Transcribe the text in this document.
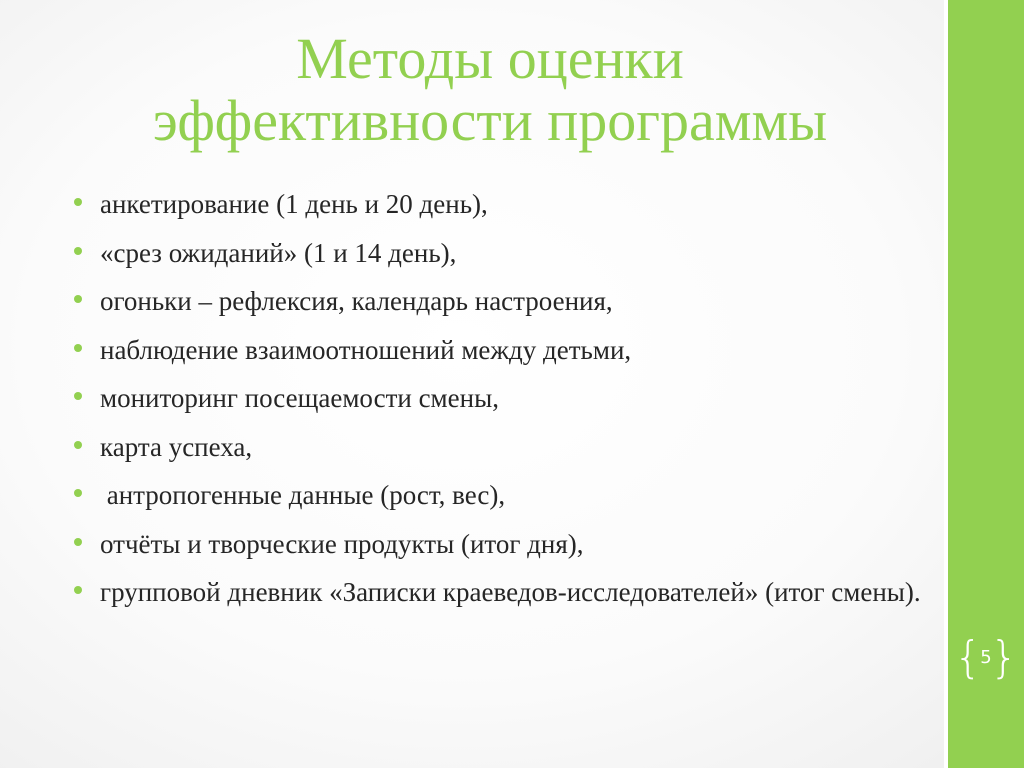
Методы оценки
эффективности программы
анкетирование (1 день и 20 день),
«срез ожиданий» (1 и 14 день),
огоньки – рефлексия, календарь настроения,
наблюдение взаимоотношений между детьми,
мониторинг посещаемости смены,
карта успеха,
антропогенные данные (рост, вес),
отчёты и творческие продукты (итог дня),
групповой дневник «Записки краеведов-исследователей» (итог смены).
{
5
}
